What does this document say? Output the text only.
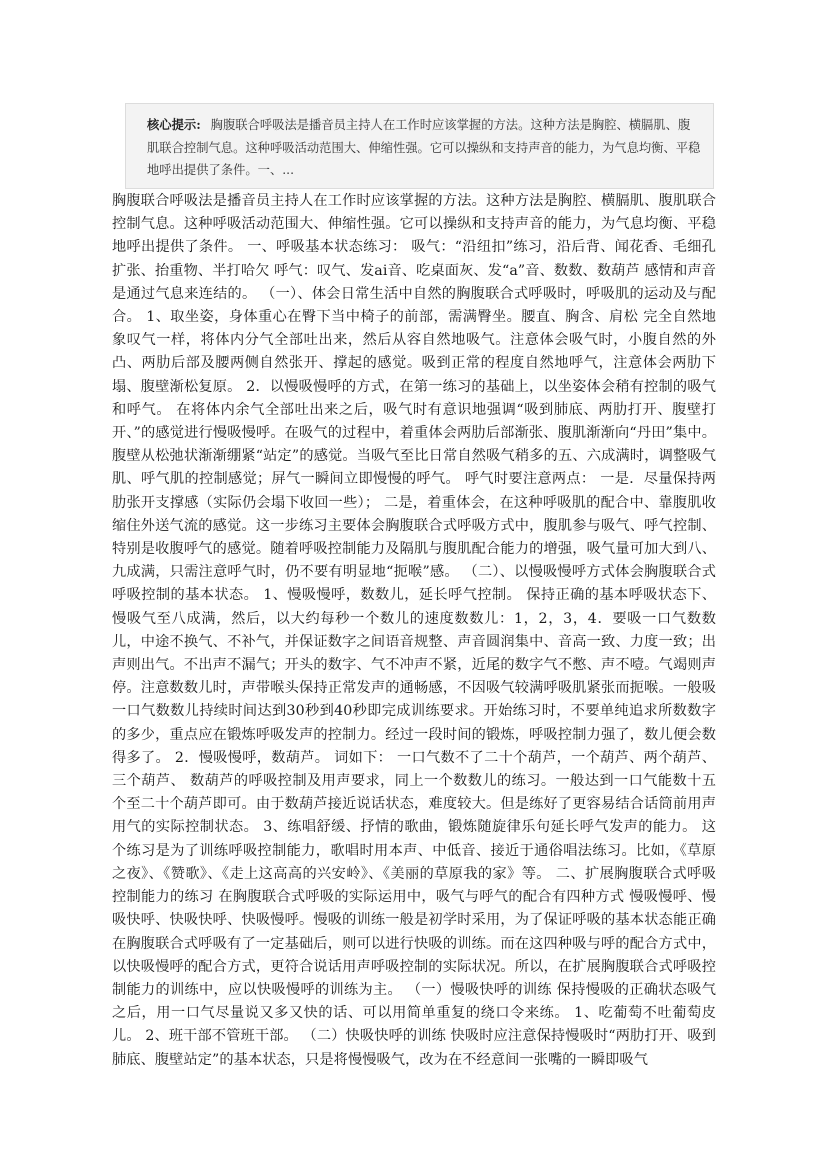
核心提示: 胸腹联合呼吸法是播音员主持人在工作时应该掌握的方法。这种方法是胸腔、横膈肌、腹肌联合控制气息。这种呼吸活动范围大、伸缩性强。它可以操纵和支持声音的能力，为气息均衡、平稳地呼出提供了条件。一、...

胸腹联合呼吸法是播音员主持人在工作时应该掌握的方法。这种方法是胸腔、横膈肌、腹肌联合控制气息。这种呼吸活动范围大、伸缩性强。它可以操纵和支持声音的能力，为气息均衡、平稳地呼出提供了条件。 一、呼吸基本状态练习： 吸气：“沿纽扣”练习，沿后背、闻花香、毛细孔扩张、抬重物、半打哈欠 呼气：叹气、发ai音、吃桌面灰、发“a”音、数数、数葫芦 感情和声音是通过气息来连结的。 （一）、体会日常生活中自然的胸腹联合式呼吸时，呼吸肌的运动及与配合。 1、取坐姿，身体重心在臀下当中椅子的前部，需满臀坐。腰直、胸含、肩松 完全自然地象叹气一样，将体内分气全部吐出来，然后从容自然地吸气。注意体会吸气时，小腹自然的外凸、两肋后部及腰两侧自然张开、撑起的感觉。吸到正常的程度自然地呼气，注意体会两肋下塌、腹壁渐松复原。 2．以慢吸慢呼的方式，在第一练习的基础上，以坐姿体会稍有控制的吸气和呼气。 在将体内余气全部吐出来之后，吸气时有意识地强调“吸到肺底、两肋打开、腹壁打开、”的感觉进行慢吸慢呼。在吸气的过程中，着重体会两肋后部渐张、腹肌渐渐向“丹田”集中。腹壁从松弛状渐渐绷紧“站定”的感觉。当吸气至比日常自然吸气稍多的五、六成满时，调整吸气肌、呼气肌的控制感觉；屏气一瞬间立即慢慢的呼气。 呼气时要注意两点： 一是．尽量保持两肋张开支撑感（实际仍会塌下收回一些）； 二是，着重体会，在这种呼吸肌的配合中、靠腹肌收缩住外送气流的感觉。这一步练习主要体会胸腹联合式呼吸方式中，腹肌参与吸气、呼气控制、特别是收腹呼气的感觉。随着呼吸控制能力及隔肌与腹肌配合能力的增强，吸气量可加大到八、九成满，只需注意呼气时，仍不要有明显地“扼喉”感。 （二）、以慢吸慢呼方式体会胸腹联合式呼吸控制的基本状态。 1、慢吸慢呼，数数儿，延长呼气控制。 保持正确的基本呼吸状态下、慢吸气至八成满，然后，以大约每秒一个数儿的速度数数儿：1，2，3，4．要吸一口气数数儿，中途不换气、不补气，并保证数字之间语音规整、声音圆润集中、音高一致、力度一致；出声则出气。不出声不漏气；开头的数字、气不冲声不紧，近尾的数字气不憋、声不噎。气竭则声停。注意数数儿时，声带喉头保持正常发声的通畅感，不因吸气较满呼吸肌紧张而扼喉。一般吸一口气数数儿持续时间达到30秒到40秒即完成训练要求。开始练习时，不要单纯追求所数数字的多少，重点应在锻炼呼吸发声的控制力。经过一段时间的锻炼，呼吸控制力强了，数儿便会数得多了。 2．慢吸慢呼，数葫芦。 词如下： 一口气数不了二十个葫芦，一个葫芦、两个葫芦、三个葫芦、 数葫芦的呼吸控制及用声要求，同上一个数数儿的练习。一般达到一口气能数十五个至二十个葫芦即可。由于数葫芦接近说话状态，难度较大。但是练好了更容易结合话筒前用声用气的实际控制状态。 3、练唱舒缓、抒情的歌曲，锻炼随旋律乐句延长呼气发声的能力。 这个练习是为了训练呼吸控制能力，歌唱时用本声、中低音、接近于通俗唱法练习。比如，《草原之夜》、《赞歌》、《走上这高高的兴安岭》、《美丽的草原我的家》等。 二、扩展胸腹联合式呼吸控制能力的练习 在胸腹联合式呼吸的实际运用中，吸气与呼气的配合有四种方式 慢吸慢呼、慢吸快呼、快吸快呼、快吸慢呼。慢吸的训练一般是初学时采用，为了保证呼吸的基本状态能正确 在胸腹联合式呼吸有了一定基础后，则可以进行快吸的训练。而在这四种吸与呼的配合方式中，以快吸慢呼的配合方式，更符合说话用声呼吸控制的实际状况。所以，在扩展胸腹联合式呼吸控制能力的训练中，应以快吸慢呼的训练为主。 （一）慢吸快呼的训练 保持慢吸的正确状态吸气之后，用一口气尽量说又多又快的话、可以用简单重复的绕口令来练。 1、吃葡萄不吐葡萄皮儿。 2、班干部不管班干部。 （二）快吸快呼的训练 快吸时应注意保持慢吸时“两肋打开、吸到肺底、腹壁站定”的基本状态，只是将慢慢吸气，改为在不经意间一张嘴的一瞬即吸气
